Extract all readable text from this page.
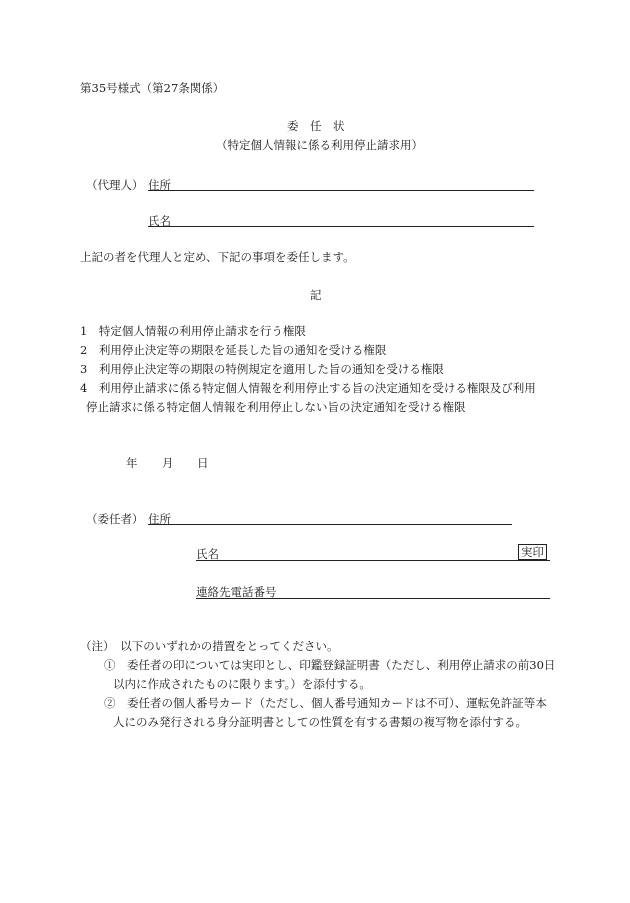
第35号様式（第27条関係）
委　任　状
（特定個人情報に係る利用停止請求用）
（代理人） 住所
氏名
上記の者を代理人と定め、下記の事項を委任します。
記
1　特定個人情報の利用停止請求を行う権限
2　利用停止決定等の期限を延長した旨の通知を受ける権限
3　利用停止決定等の期限の特例規定を適用した旨の通知を受ける権限
4　利用停止請求に係る特定個人情報を利用停止する旨の決定通知を受ける権限及び利用
停止請求に係る特定個人情報を利用停止しない旨の決定通知を受ける権限
年 月 日
（委任者） 住所
氏名	実印
連絡先電話番号
（注）　以下のいずれかの措置をとってください。
①　委任者の印については実印とし、印鑑登録証明書（ただし、利用停止請求の前30日
以内に作成されたものに限ります。）を添付する。
②　委任者の個人番号カード（ただし、個人番号通知カードは不可）、運転免許証等本
人にのみ発行される身分証明書としての性質を有する書類の複写物を添付する。
